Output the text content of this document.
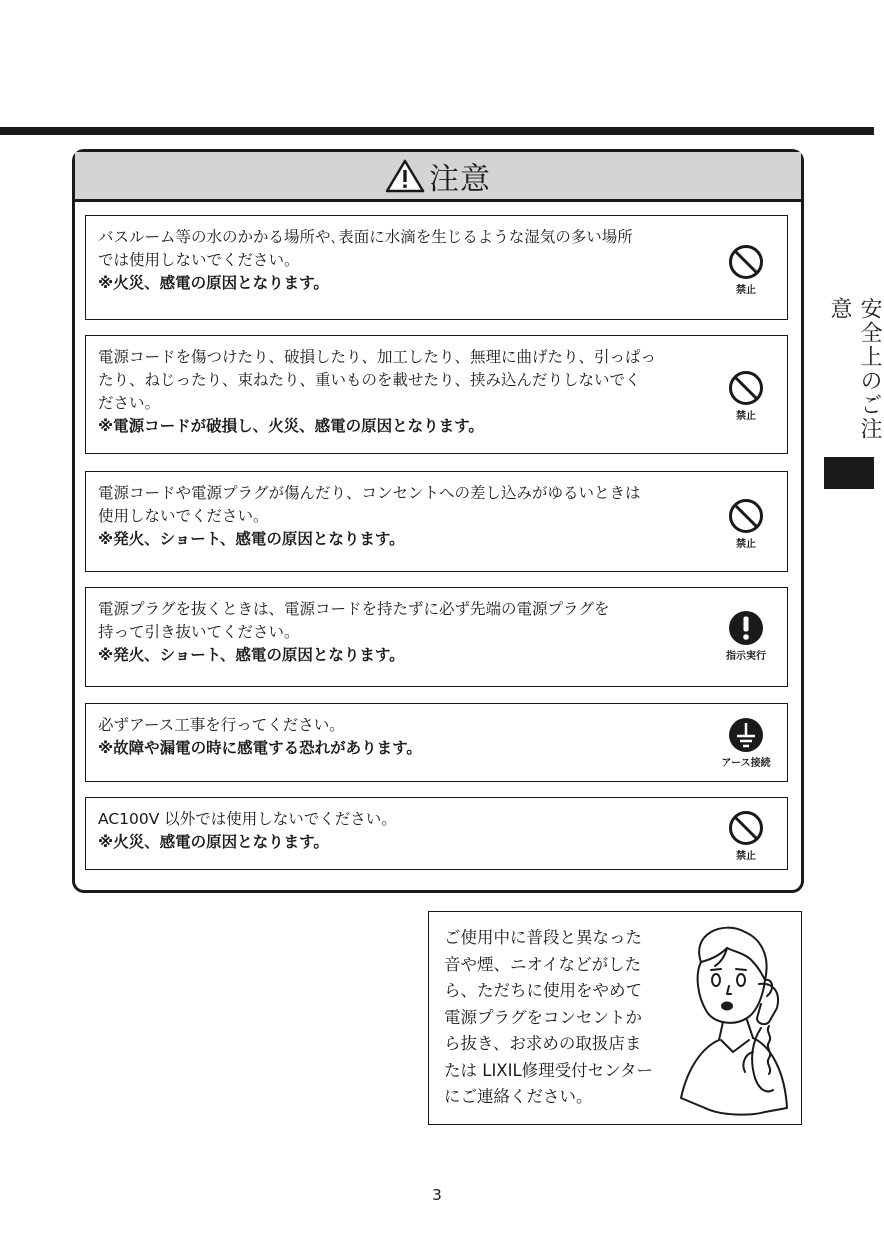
安全上のご注意
注意
バスルーム等の水のかかる場所や､表面に水滴を生じるような湿気の多い場所
では使用しないでください。
※火災、感電の原因となります。	禁止
電源コードを傷つけたり、破損したり、加工したり、無理に曲げたり、引っぱっ
たり、ねじったり、束ねたり、重いものを載せたり、挟み込んだりしないでく
ださい。
※電源コードが破損し、火災、感電の原因となります。
禁止
電源コードや電源プラグが傷んだり、コンセントへの差し込みがゆるいときは
使用しないでください。
※発火、ショート、感電の原因となります。	禁止
電源プラグを抜くときは、電源コードを持たずに必ず先端の電源プラグを
持って引き抜いてください。
※発火、ショート、感電の原因となります。	指示実行
必ずアース工事を行ってください。
※故障や漏電の時に感電する恐れがあります。
アース接続
AC100V 以外では使用しないでください。
※火災、感電の原因となります。
禁止
ご使用中に普段と異なった
音や煙、ニオイなどがした
ら、ただちに使用をやめて
電源プラグをコンセントか
ら抜き、お求めの取扱店ま
たは LIXIL修理受付センター
にご連絡ください。
3
